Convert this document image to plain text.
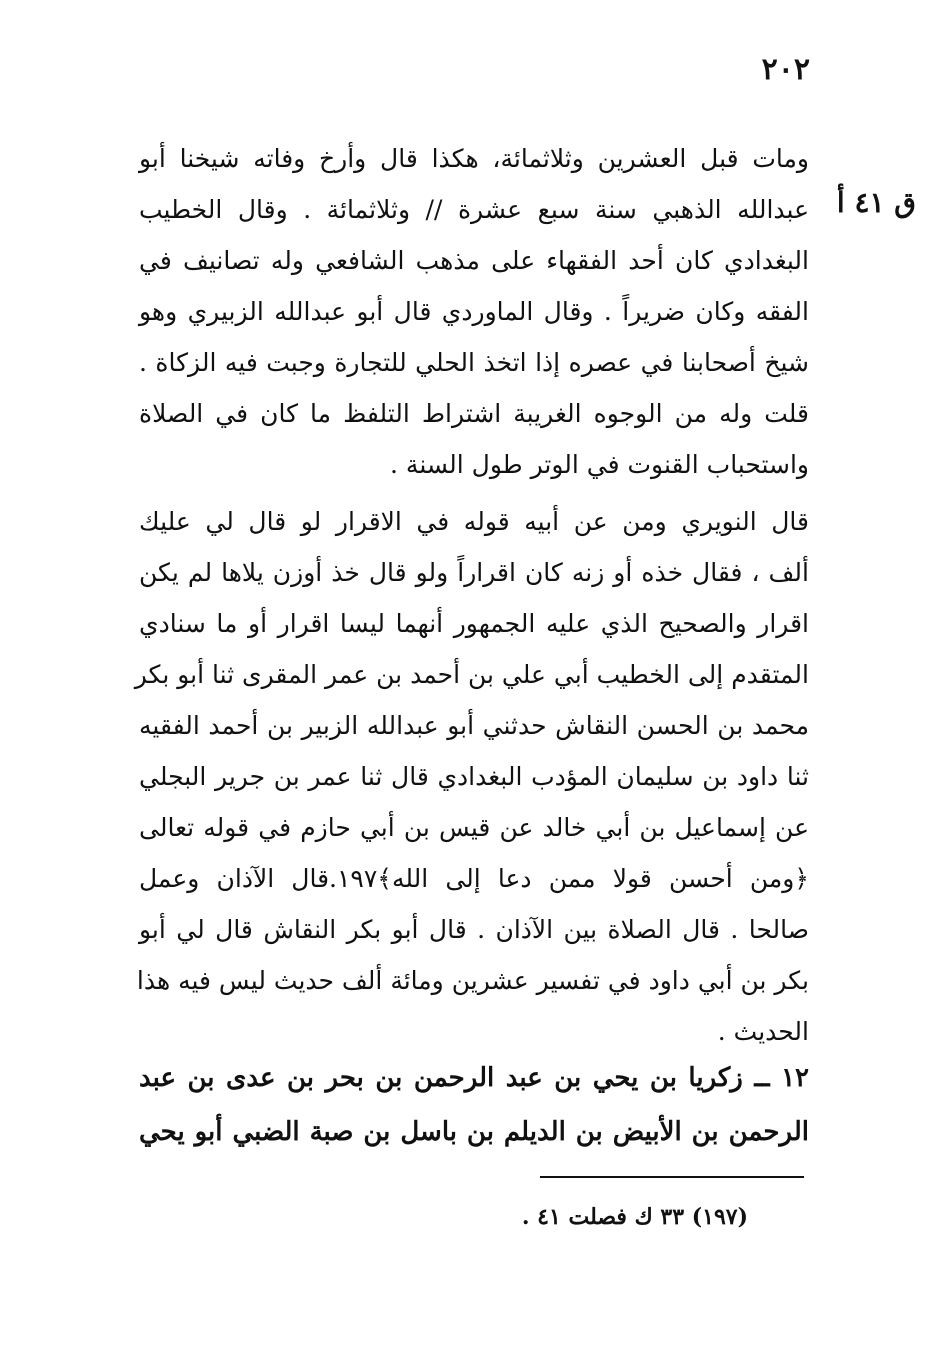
٢٠٢
ق ٤١ أ
ومات قبل العشرين وثلاثمائة، هكذا قال وأرخ وفاته شيخنا أبو
عبدالله الذهبي سنة سبع عشرة // وثلاثمائة . وقال الخطيب
البغدادي كان أحد الفقهاء على مذهب الشافعي وله تصانيف في
الفقه وكان ضريراً . وقال الماوردي قال أبو عبدالله الزبيري وهو
شيخ أصحابنا في عصره إذا اتخذ الحلي للتجارة وجبت فيه الزكاة .
قلت وله من الوجوه الغريبة اشتراط التلفظ ما كان في الصلاة
واستحباب القنوت في الوتر طول السنة .
قال النويري ومن عن أبيه قوله في الاقرار لو قال لي عليك
ألف ، فقال خذه أو زنه كان اقراراً ولو قال خذ أوزن يلاها لم يكن
اقرار والصحيح الذي عليه الجمهور أنهما ليسا اقرار أو ما سنادي
المتقدم إلى الخطيب أبي علي بن أحمد بن عمر المقرى ثنا أبو بكر
محمد بن الحسن النقاش حدثني أبو عبدالله الزبير بن أحمد الفقيه
ثنا داود بن سليمان المؤدب البغدادي قال ثنا عمر بن جرير البجلي
عن إسماعيل بن أبي خالد عن قيس بن أبي حازم في قوله تعالى
﴿ومن أحسن قولا ممن دعا إلى الله﴾١٩٧.قال الآذان وعمل
صالحا . قال الصلاة بين الآذان . قال أبو بكر النقاش قال لي أبو
بكر بن أبي داود في تفسير عشرين ومائة ألف حديث ليس فيه هذا
الحديث .
١٢ ــ زكريا بن يحي بن عبد الرحمن بن بحر بن عدى بن عبد
الرحمن بن الأبيض بن الديلم بن باسل بن صبة الضبي أبو يحي
(١٩٧) ٣٣ ك فصلت ٤١ .
